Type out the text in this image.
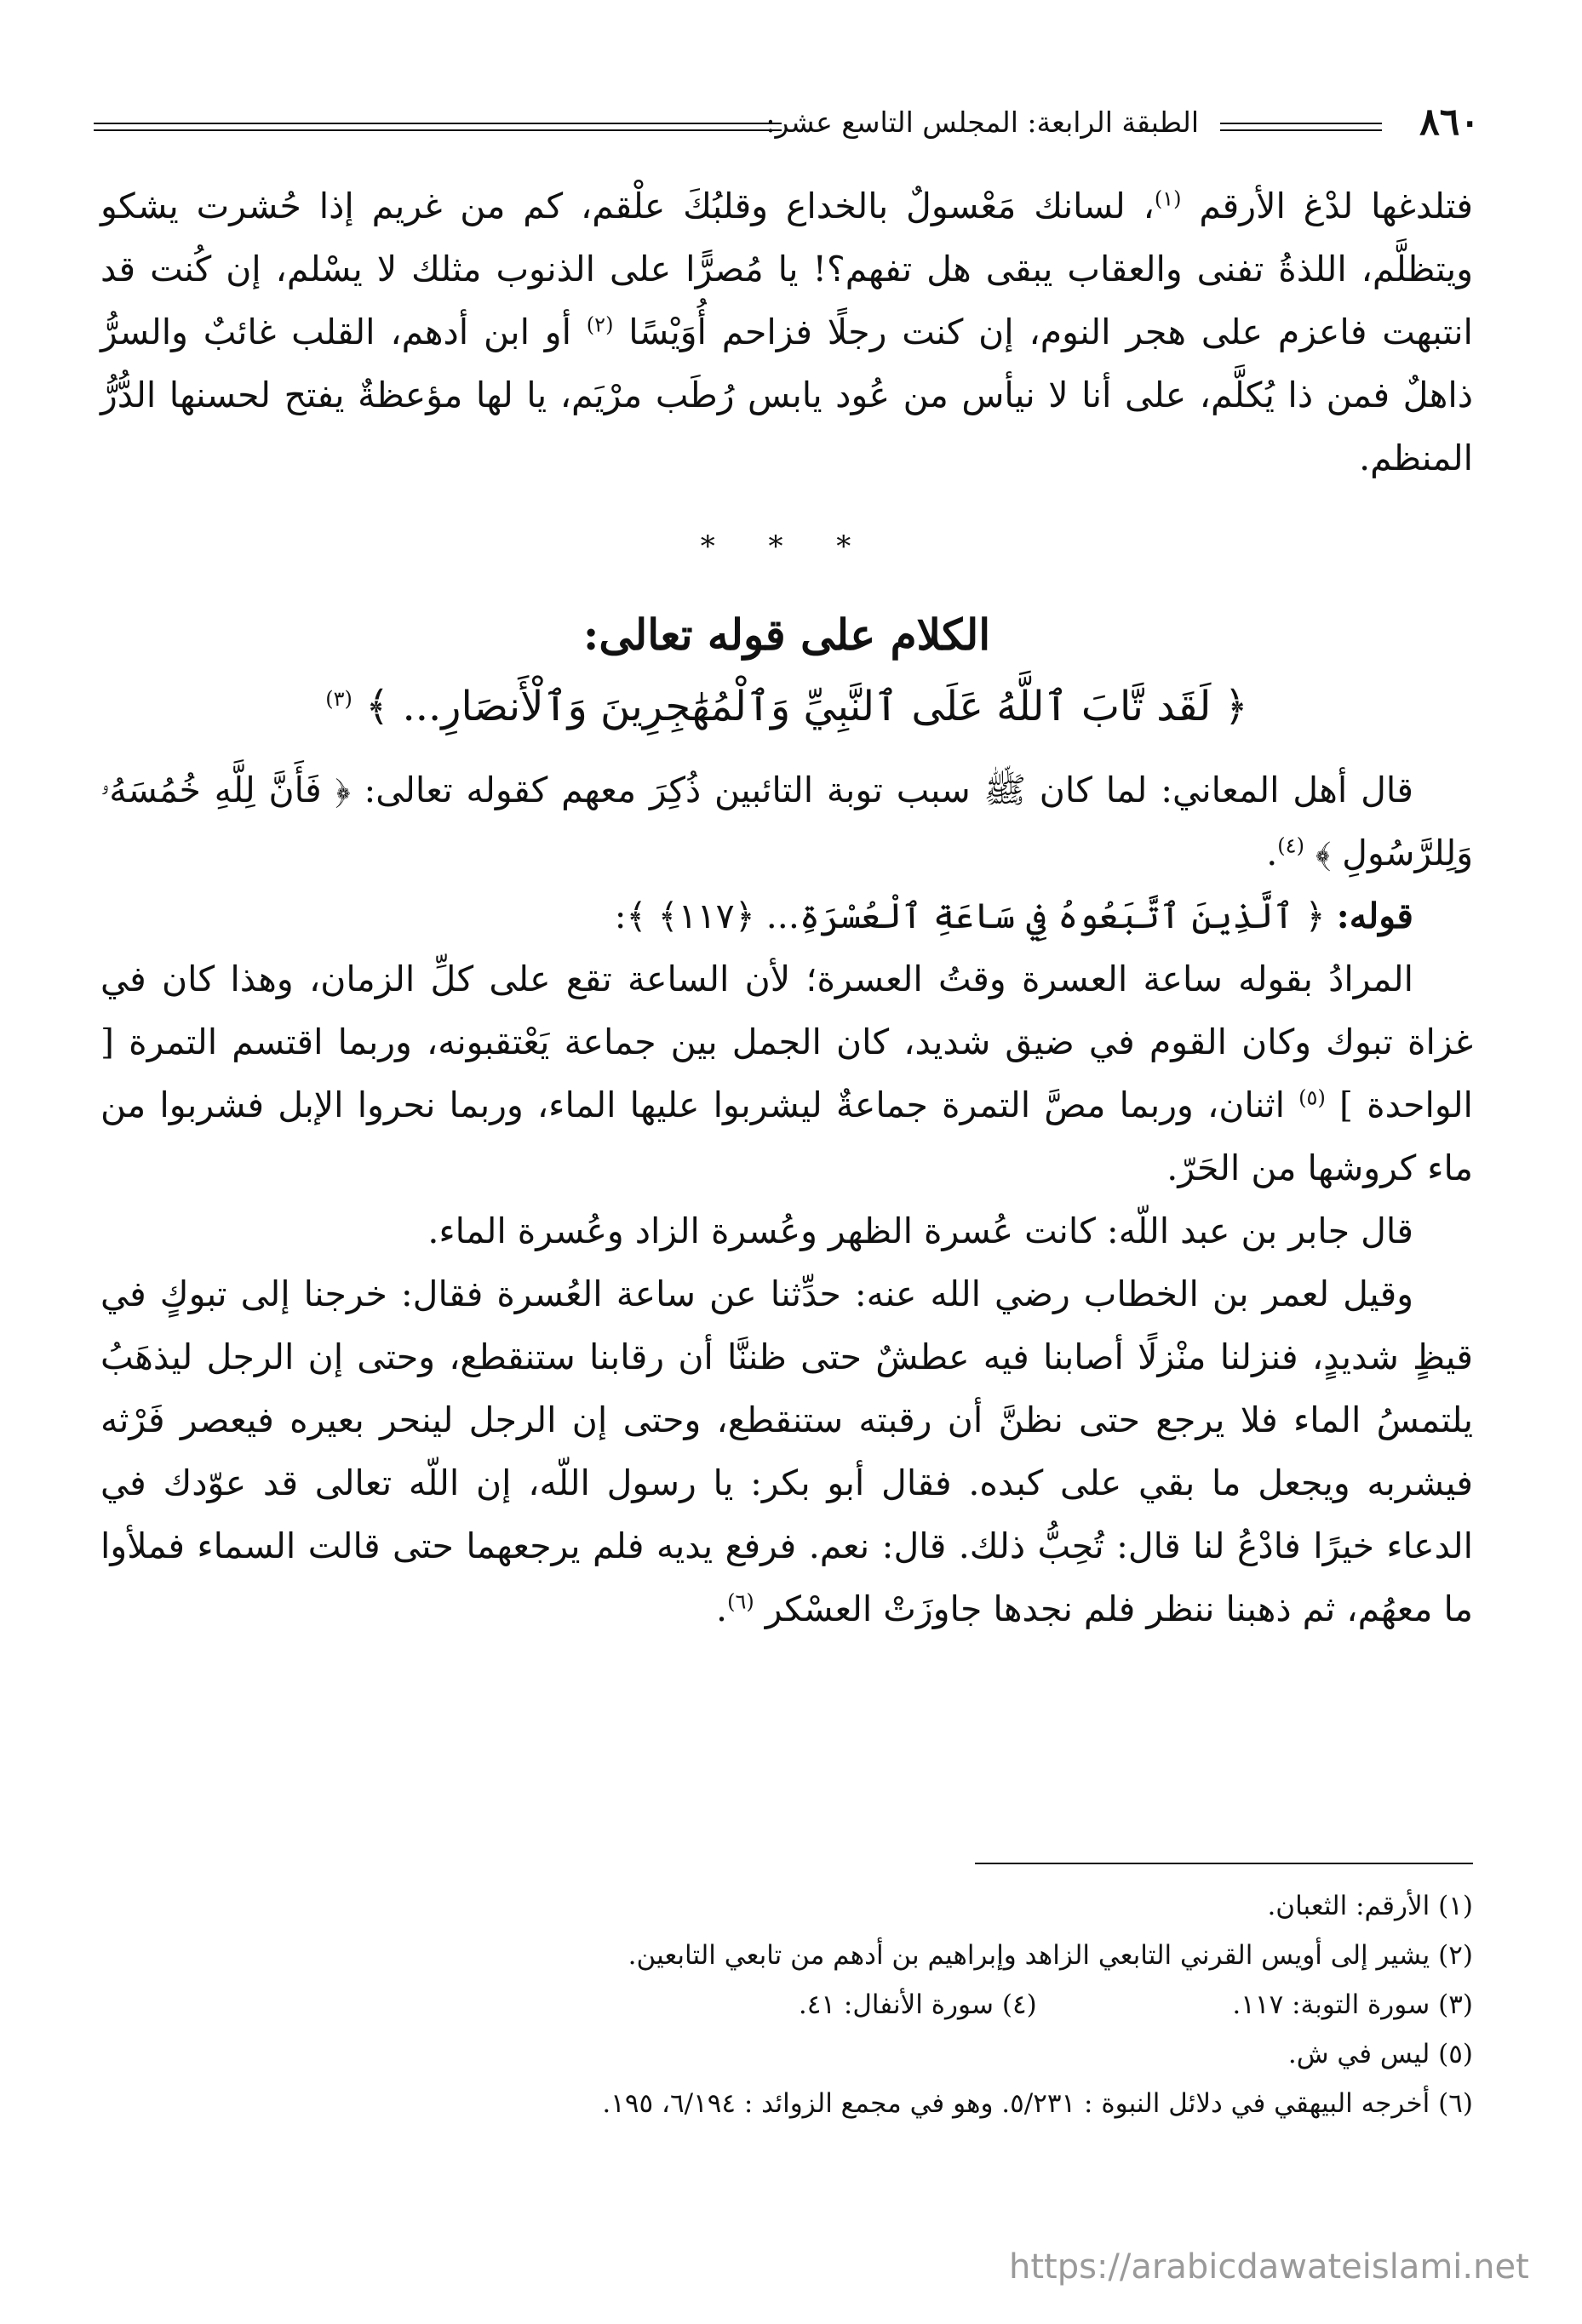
٨٦٠
الطبقة الرابعة: المجلس التاسع عشر:

فتلدغها لدْغ الأرقم $^{(١)}$، لسانك مَعْسولٌ بالخداع وقلبُكَ علْقم، كم من غريم إذا حُشرت يشكو ويتظلَّم، اللذةُ تفنى والعقاب يبقى هل تفهم؟! يا مُصرًّا على الذنوب مثلك لا يسْلم، إن كُنت قد انتبهت فاعزم على هجر النوم، إن كنت رجلًا فزاحم أُوَيْسًا $^{(٢)}$ أو ابن أدهم، القلب غائبٌ والسرُّ ذاهلٌ فمن ذا يُكلَّم، على أنا لا نيأس من عُود يابس رُطَب مرْيَم، يا لها مؤعظةٌ يفتح لحسنها الدُّرُّ المنظم.

* * *
الكلام على قوله تعالى:
﴿ لَقَد تَّابَ ٱللَّهُ عَلَى ٱلنَّبِيِّ وَٱلْمُهَٰجِرِينَ وَٱلْأَنصَارِ... ﴾ $^{(٣)}$

قال أهل المعاني: لما كان ﷺ سبب توبة التائبين ذُكِرَ معهم كقوله تعالى: ﴿ فَأَنَّ لِلَّهِ خُمُسَهُۥ وَلِلرَّسُولِ ﴾ $^{(٤)}$.

قوله: ﴿ ٱلَّذِينَ ٱتَّبَعُوهُ فِي سَاعَةِ ٱلْعُسْرَةِ... ﴿١١٧﴾ ﴾:

المرادُ بقوله ساعة العسرة وقتُ العسرة؛ لأن الساعة تقع على كلِّ الزمان، وهذا كان في غزاة تبوك وكان القوم في ضيق شديد، كان الجمل بين جماعة يَعْتقبونه، وربما اقتسم التمرة [ الواحدة ] $^{(٥)}$ اثنان، وربما مصَّ التمرة جماعةٌ ليشربوا عليها الماء، وربما نحروا الإبل فشربوا من ماء كروشها من الحَرّ.

قال جابر بن عبد اللّه: كانت عُسرة الظهر وعُسرة الزاد وعُسرة الماء.

وقيل لعمر بن الخطاب رضي الله عنه: حدِّثنا عن ساعة العُسرة فقال: خرجنا إلى تبوكٍ في قيظٍ شديدٍ، فنزلنا منْزلًا أصابنا فيه عطشٌ حتى ظننَّا أن رقابنا ستنقطع، وحتى إن الرجل ليذهَبُ يلتمسُ الماء فلا يرجع حتى نظنَّ أن رقبته ستنقطع، وحتى إن الرجل لينحر بعيره فيعصر فَرْثه فيشربه ويجعل ما بقي على كبده. فقال أبو بكر: يا رسول اللّه، إن اللّه تعالى قد عوّدك في الدعاء خيرًا فادْعُ لنا قال: تُحِبُّ ذلك. قال: نعم. فرفع يديه فلم يرجعهما حتى قالت السماء فملأوا ما معهُم، ثم ذهبنا ننظر فلم نجدها جاوزَتْ العسْكر $^{(٦)}$.

(١) الأرقم: الثعبان.
(٢) يشير إلى أويس القرني التابعي الزاهد وإبراهيم بن أدهم من تابعي التابعين.
(٣) سورة التوبة: ١١٧.  (٤) سورة الأنفال: ٤١.
(٥) ليس في ش.
(٦) أخرجه البيهقي في دلائل النبوة : ٥/٢٣١. وهو في مجمع الزوائد : ٦/١٩٤، ١٩٥.
https://arabicdawateislami.net
